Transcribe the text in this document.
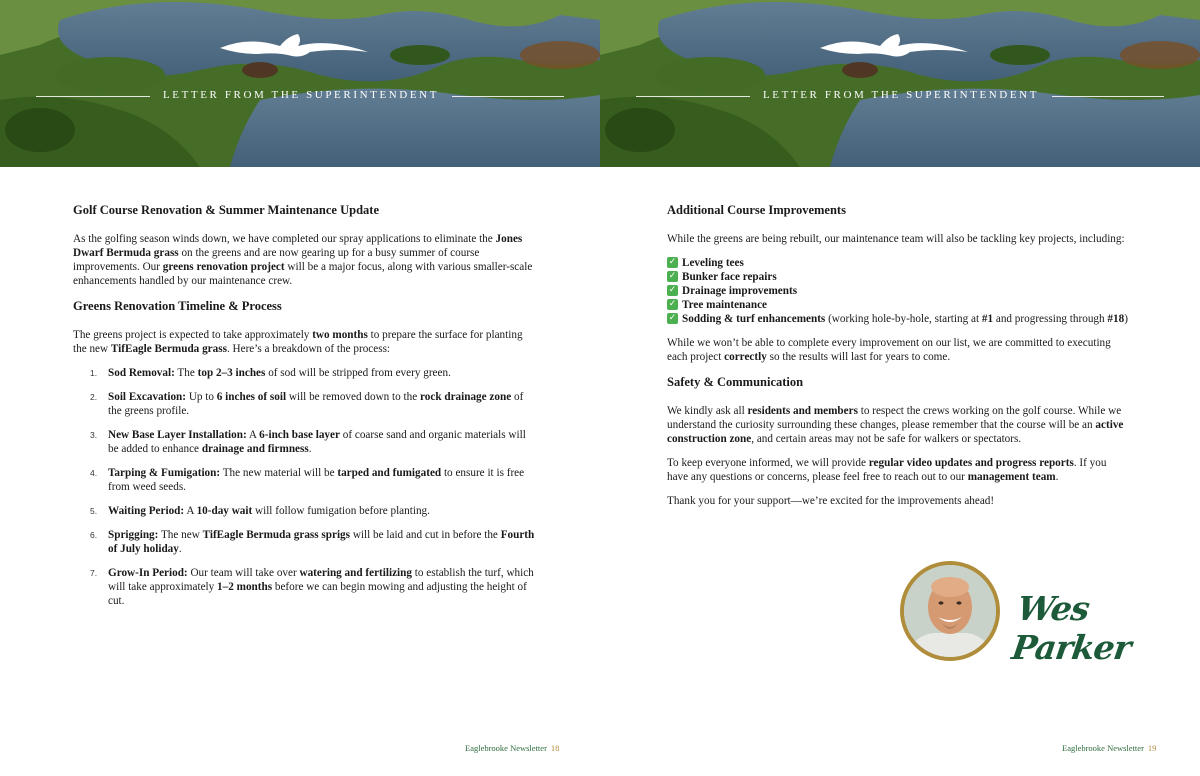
LETTER FROM THE SUPERINTENDENT
Golf Course Renovation & Summer Maintenance Update

As the golfing season winds down, we have completed our spray applications to eliminate the Jones Dwarf Bermuda grass on the greens and are now gearing up for a busy summer of course improvements. Our greens renovation project will be a major focus, along with various smaller-scale enhancements handled by our maintenance crew.

Greens Renovation Timeline & Process

The greens project is expected to take approximately two months to prepare the surface for planting the new TifEagle Bermuda grass. Here’s a breakdown of the process:

1. Sod Removal: The top 2–3 inches of sod will be stripped from every green.
2. Soil Excavation: Up to 6 inches of soil will be removed down to the rock drainage zone of the greens profile.
3. New Base Layer Installation: A 6-inch base layer of coarse sand and organic materials will be added to enhance drainage and firmness.
4. Tarping & Fumigation: The new material will be tarped and fumigated to ensure it is free from weed seeds.
5. Waiting Period: A 10-day wait will follow fumigation before planting.
6. Sprigging: The new TifEagle Bermuda grass sprigs will be laid and cut in before the Fourth of July holiday.
7. Grow-In Period: Our team will take over watering and fertilizing to establish the turf, which will take approximately 1–2 months before we can begin mowing and adjusting the height of cut.
Eaglebrooke Newsletter 18
LETTER FROM THE SUPERINTENDENT
Additional Course Improvements

While the greens are being rebuilt, our maintenance team will also be tackling key projects, including:

✓ Leveling tees
✓ Bunker face repairs
✓ Drainage improvements
✓ Tree maintenance
✓ Sodding & turf enhancements (working hole-by-hole, starting at #1 and progressing through #18)

While we won’t be able to complete every improvement on our list, we are committed to executing each project correctly so the results will last for years to come.

Safety & Communication

We kindly ask all residents and members to respect the crews working on the golf course. While we understand the curiosity surrounding these changes, please remember that the course will be an active construction zone, and certain areas may not be safe for walkers or spectators.

To keep everyone informed, we will provide regular video updates and progress reports. If you have any questions or concerns, please feel free to reach out to our management team.

Thank you for your support—we’re excited for the improvements ahead!

Wes Parker
Eaglebrooke Newsletter 19
